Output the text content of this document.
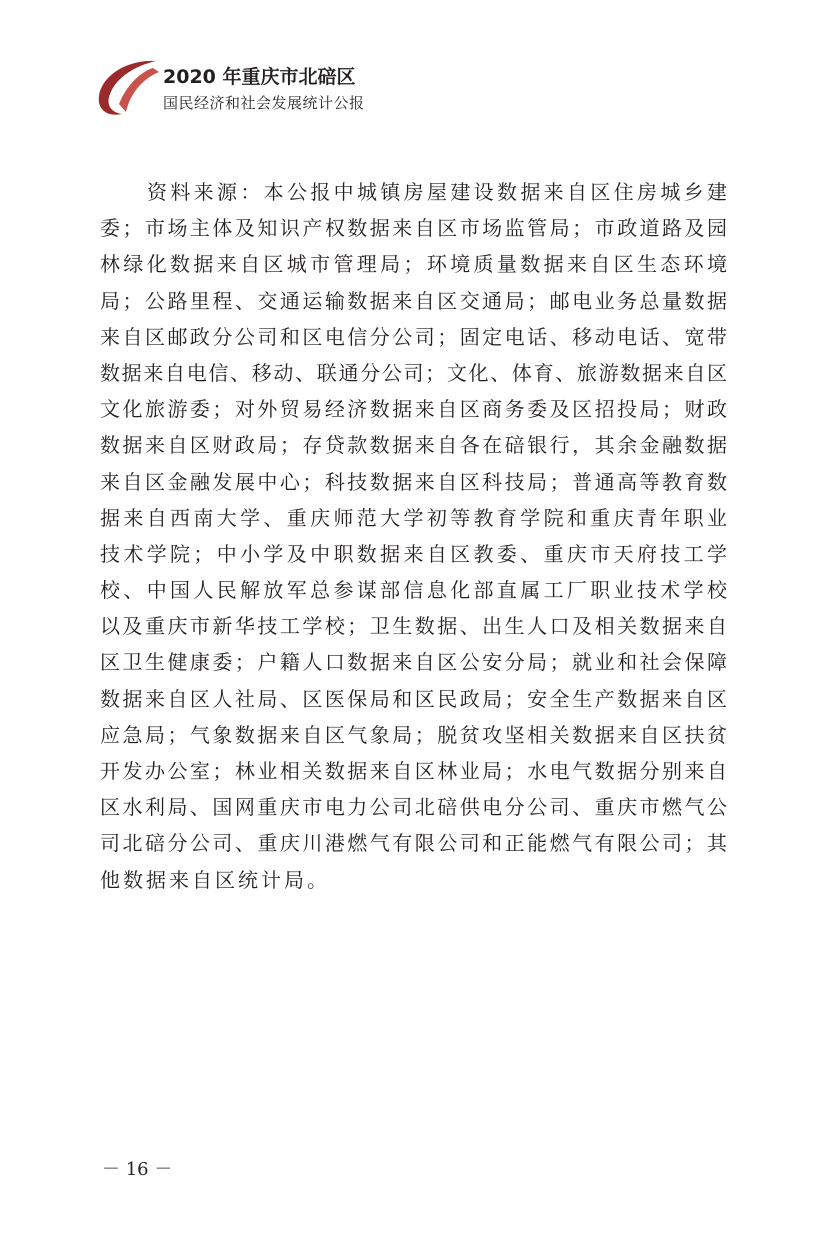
2020 年重庆市北碚区
国民经济和社会发展统计公报
资料来源：本公报中城镇房屋建设数据来自区住房城乡建
委；市场主体及知识产权数据来自区市场监管局；市政道路及园
林绿化数据来自区城市管理局；环境质量数据来自区生态环境
局；公路里程、交通运输数据来自区交通局；邮电业务总量数据
来自区邮政分公司和区电信分公司；固定电话、移动电话、宽带
数据来自电信、移动、联通分公司；文化、体育、旅游数据来自区
文化旅游委；对外贸易经济数据来自区商务委及区招投局；财政
数据来自区财政局；存贷款数据来自各在碚银行，其余金融数据
来自区金融发展中心；科技数据来自区科技局；普通高等教育数
据来自西南大学、重庆师范大学初等教育学院和重庆青年职业
技术学院；中小学及中职数据来自区教委、重庆市天府技工学
校、中国人民解放军总参谋部信息化部直属工厂职业技术学校
以及重庆市新华技工学校；卫生数据、出生人口及相关数据来自
区卫生健康委；户籍人口数据来自区公安分局；就业和社会保障
数据来自区人社局、区医保局和区民政局；安全生产数据来自区
应急局；气象数据来自区气象局；脱贫攻坚相关数据来自区扶贫
开发办公室；林业相关数据来自区林业局；水电气数据分别来自
区水利局、国网重庆市电力公司北碚供电分公司、重庆市燃气公
司北碚分公司、重庆川港燃气有限公司和正能燃气有限公司；其
他数据来自区统计局。
－ 16 －
